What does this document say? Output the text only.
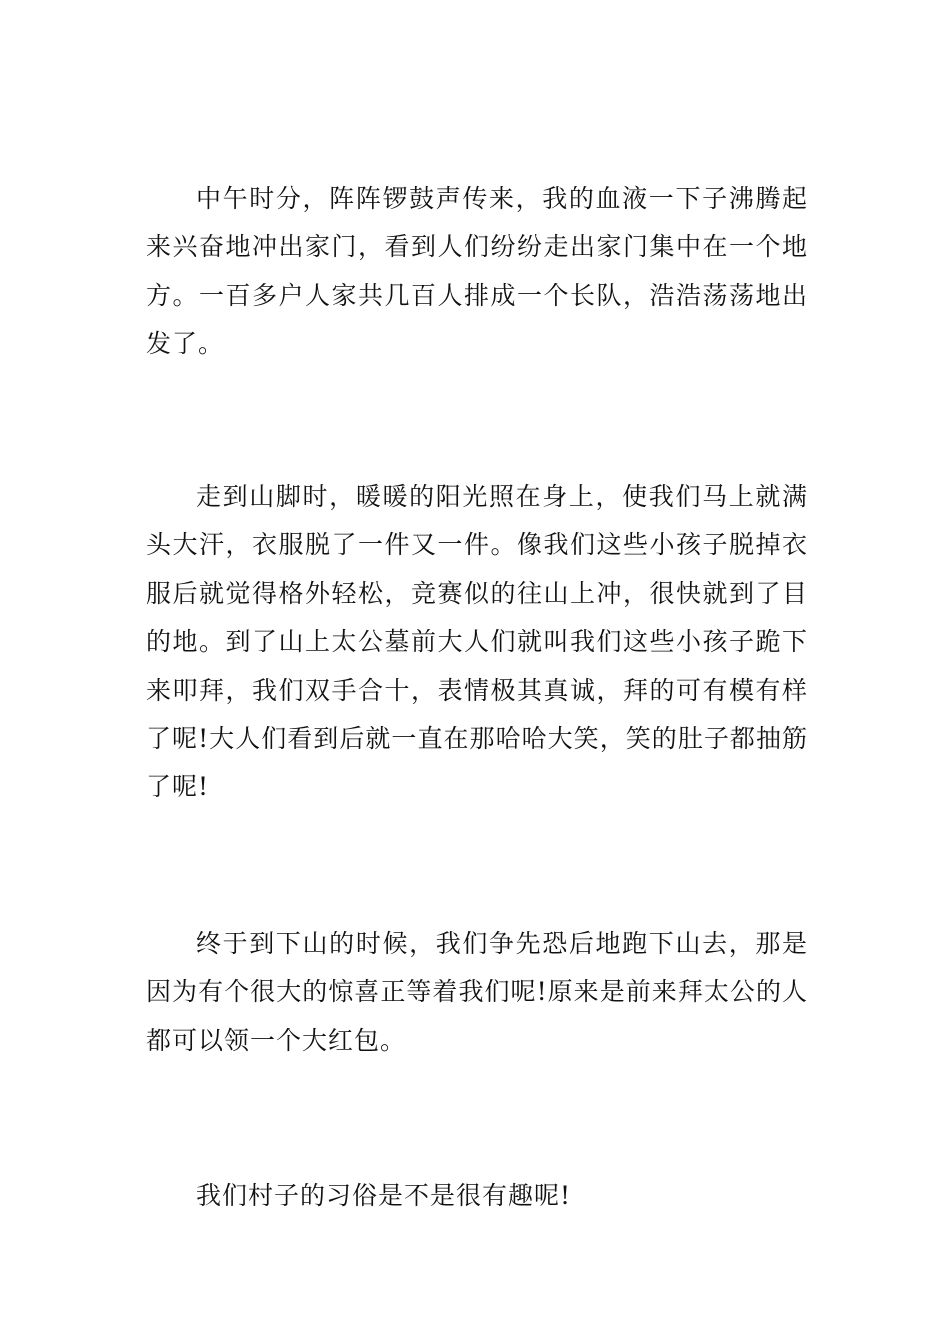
中午时分，阵阵锣鼓声传来，我的血液一下子沸腾起来兴奋地冲出家门，看到人们纷纷走出家门集中在一个地方。一百多户人家共几百人排成一个长队，浩浩荡荡地出发了。

走到山脚时，暖暖的阳光照在身上，使我们马上就满头大汗，衣服脱了一件又一件。像我们这些小孩子脱掉衣服后就觉得格外轻松，竞赛似的往山上冲，很快就到了目的地。到了山上太公墓前大人们就叫我们这些小孩子跪下来叩拜，我们双手合十，表情极其真诚，拜的可有模有样了呢!大人们看到后就一直在那哈哈大笑，笑的肚子都抽筋了呢!

终于到下山的时候，我们争先恐后地跑下山去，那是因为有个很大的惊喜正等着我们呢!原来是前来拜太公的人都可以领一个大红包。

我们村子的习俗是不是很有趣呢!
